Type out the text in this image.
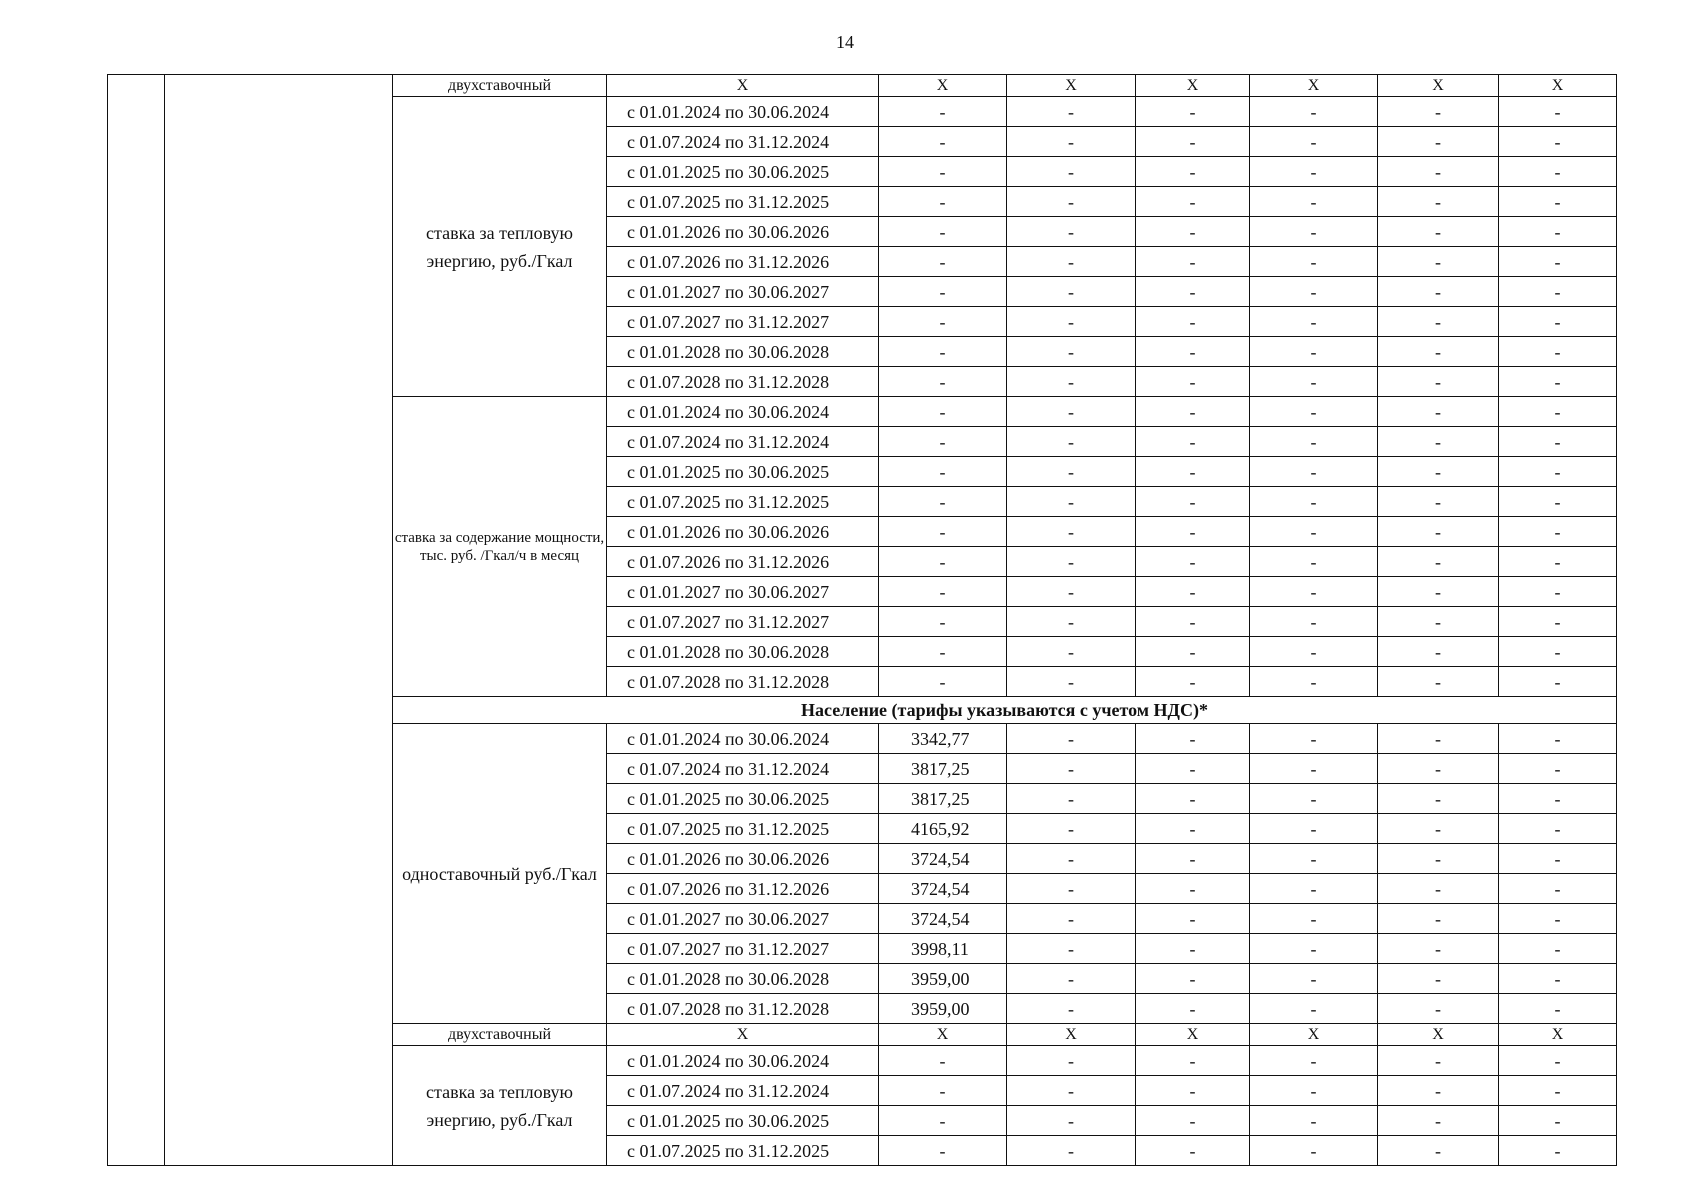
14
		двухставочный	Х	Х	Х	Х	Х	Х	Х
		ставка за тепловую энергию, руб./Гкал	с 01.01.2024 по 30.06.2024	-	-	-	-	-	-
			с 01.07.2024 по 31.12.2024	-	-	-	-	-	-
			с 01.01.2025 по 30.06.2025	-	-	-	-	-	-
			с 01.07.2025 по 31.12.2025	-	-	-	-	-	-
			с 01.01.2026 по 30.06.2026	-	-	-	-	-	-
			с 01.07.2026 по 31.12.2026	-	-	-	-	-	-
			с 01.01.2027 по 30.06.2027	-	-	-	-	-	-
			с 01.07.2027 по 31.12.2027	-	-	-	-	-	-
			с 01.01.2028 по 30.06.2028	-	-	-	-	-	-
			с 01.07.2028 по 31.12.2028	-	-	-	-	-	-
		ставка за содержание мощности, тыс. руб. /Гкал/ч в месяц	с 01.01.2024 по 30.06.2024	-	-	-	-	-	-
			с 01.07.2024 по 31.12.2024	-	-	-	-	-	-
			с 01.01.2025 по 30.06.2025	-	-	-	-	-	-
			с 01.07.2025 по 31.12.2025	-	-	-	-	-	-
			с 01.01.2026 по 30.06.2026	-	-	-	-	-	-
			с 01.07.2026 по 31.12.2026	-	-	-	-	-	-
			с 01.01.2027 по 30.06.2027	-	-	-	-	-	-
			с 01.07.2027 по 31.12.2027	-	-	-	-	-	-
			с 01.01.2028 по 30.06.2028	-	-	-	-	-	-
			с 01.07.2028 по 31.12.2028	-	-	-	-	-	-
		Население (тарифы указываются с учетом НДС)*							
		одноставочный руб./Гкал	с 01.01.2024 по 30.06.2024	3342,77	-	-	-	-	-
			с 01.07.2024 по 31.12.2024	3817,25	-	-	-	-	-
			с 01.01.2025 по 30.06.2025	3817,25	-	-	-	-	-
			с 01.07.2025 по 31.12.2025	4165,92	-	-	-	-	-
			с 01.01.2026 по 30.06.2026	3724,54	-	-	-	-	-
			с 01.07.2026 по 31.12.2026	3724,54	-	-	-	-	-
			с 01.01.2027 по 30.06.2027	3724,54	-	-	-	-	-
			с 01.07.2027 по 31.12.2027	3998,11	-	-	-	-	-
			с 01.01.2028 по 30.06.2028	3959,00	-	-	-	-	-
			с 01.07.2028 по 31.12.2028	3959,00	-	-	-	-	-
		двухставочный	Х	Х	Х	Х	Х	Х	Х
		ставка за тепловую энергию, руб./Гкал	с 01.01.2024 по 30.06.2024	-	-	-	-	-	-
			с 01.07.2024 по 31.12.2024	-	-	-	-	-	-
			с 01.01.2025 по 30.06.2025	-	-	-	-	-	-
			с 01.07.2025 по 31.12.2025	-	-	-	-	-	-
